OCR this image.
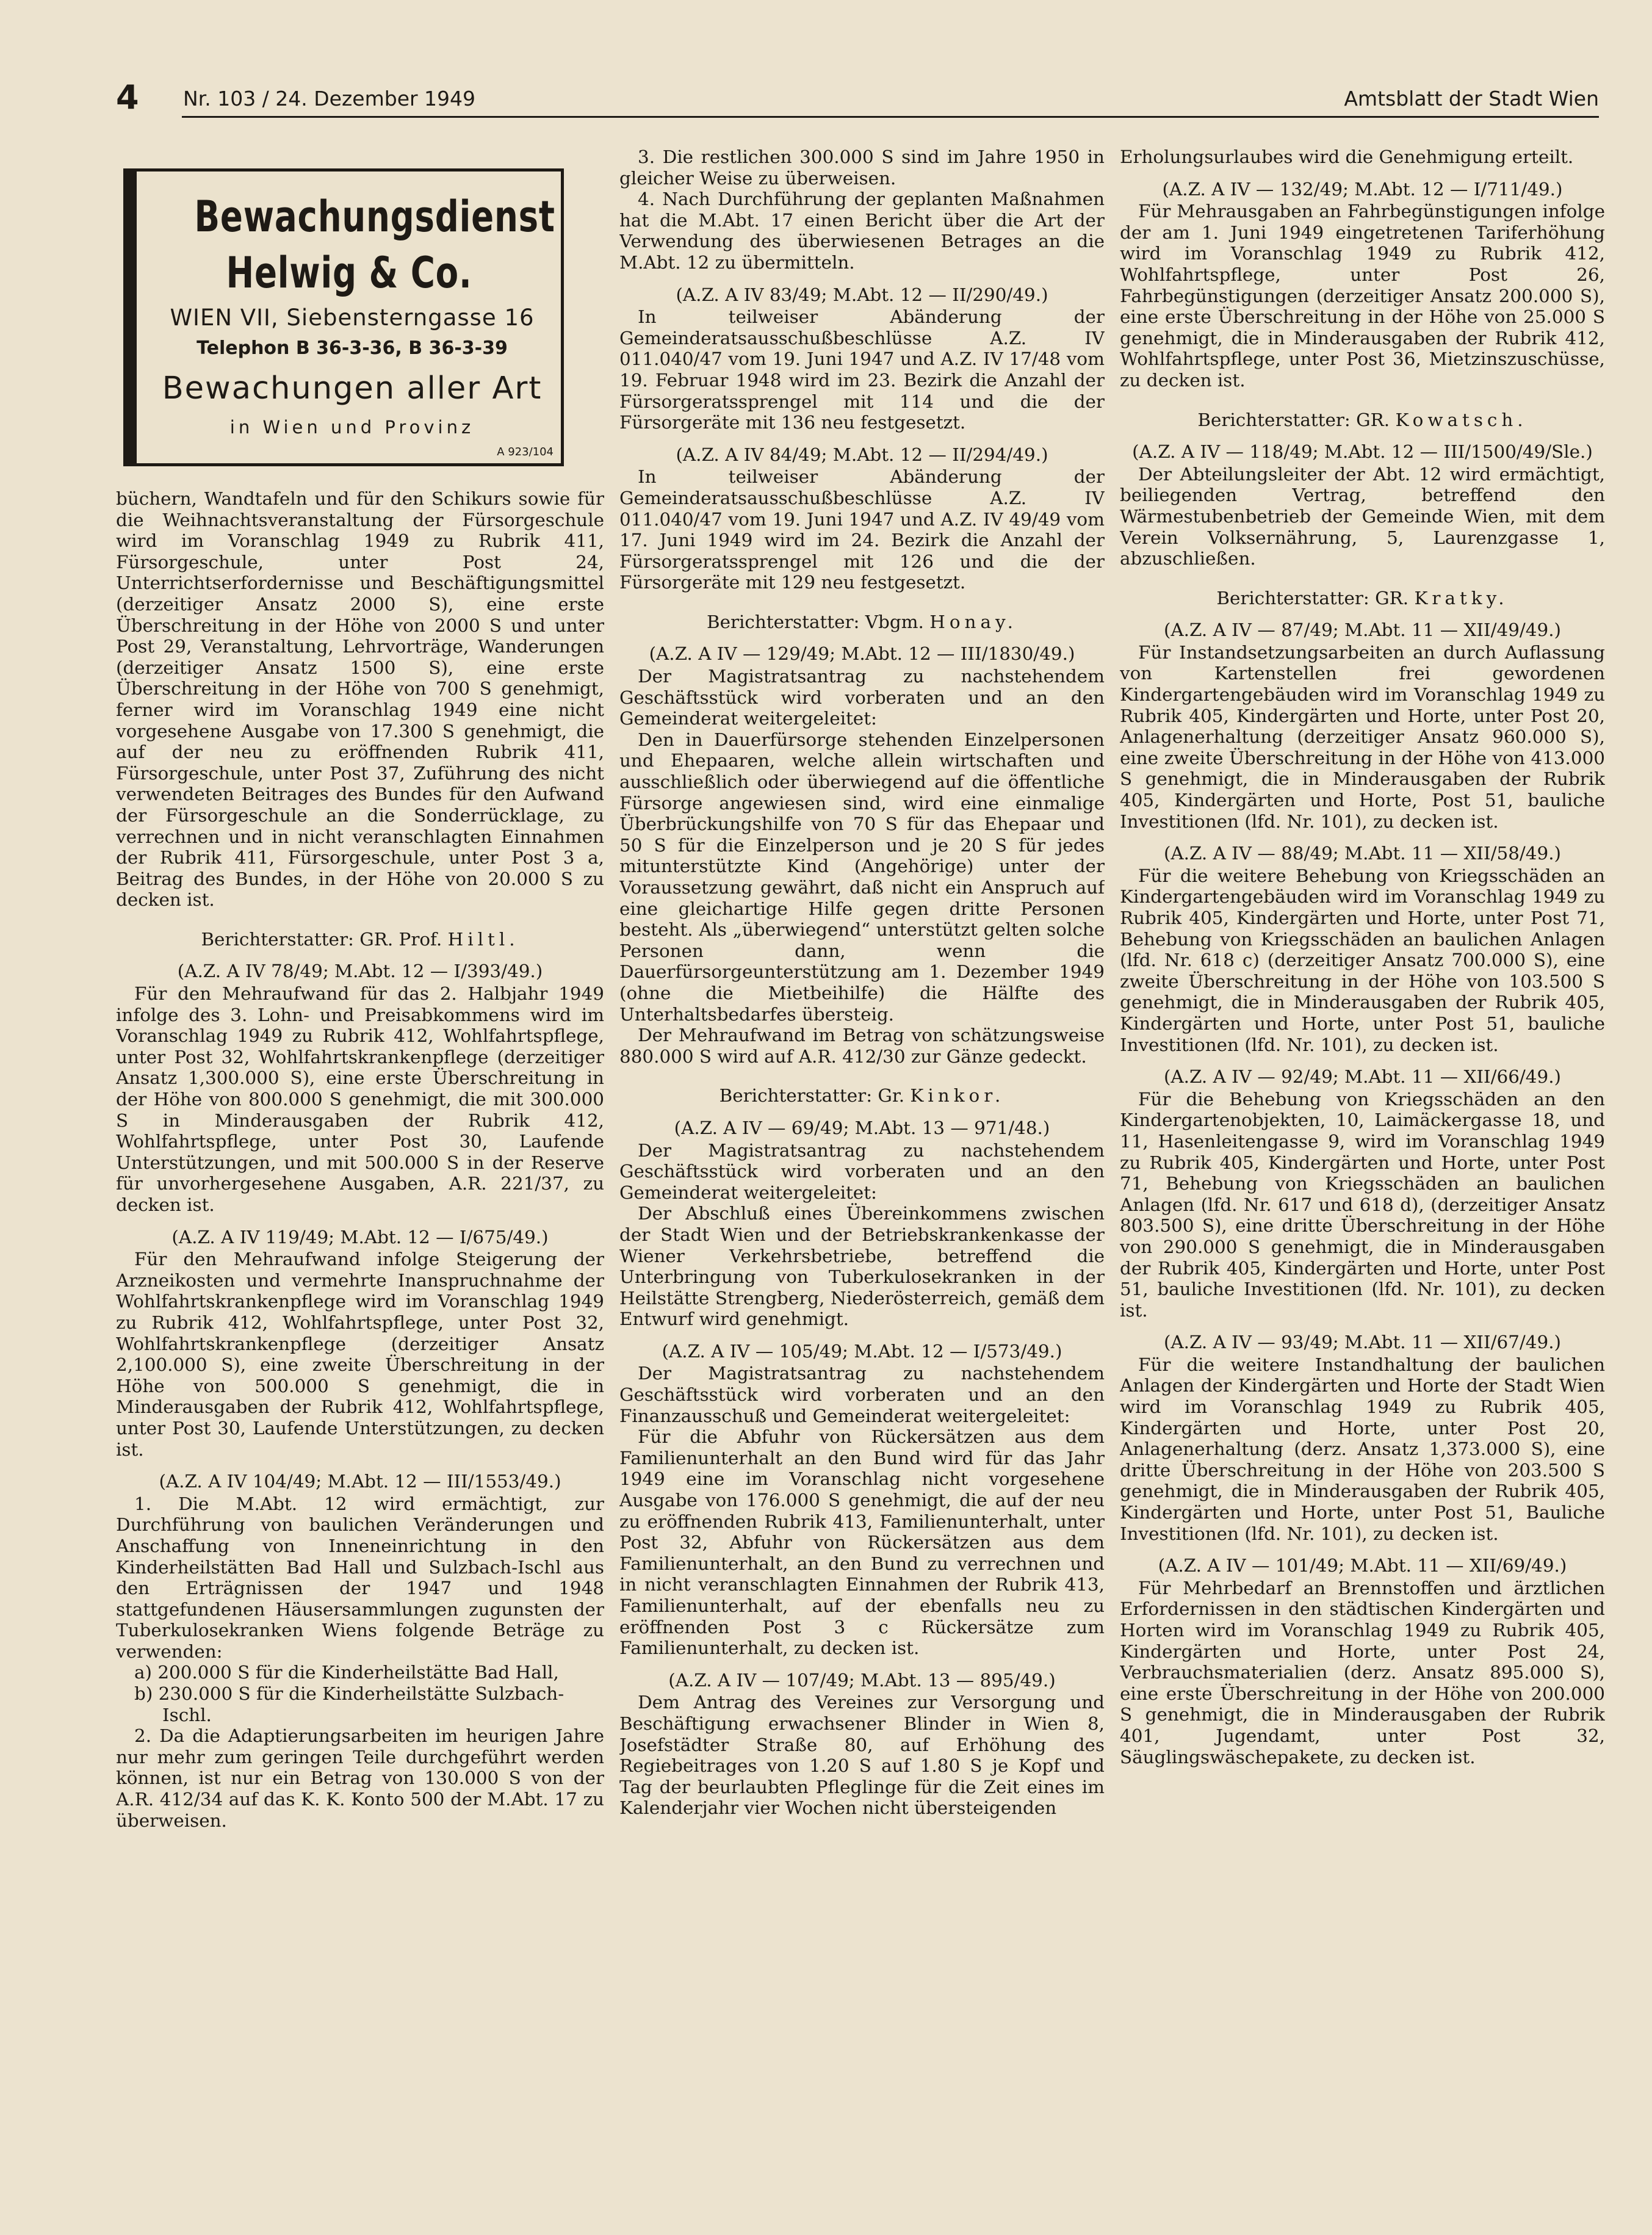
4 Nr. 103 / 24. Dezember 1949	Amtsblatt der Stadt Wien
Bewachungsdienst
Helwig & Co.
WIEN VII, Siebensterngasse 16
Telephon B 36-3-36, B 36-3-39
Bewachungen aller Art
in Wien und Provinz
A 923/104

büchern, Wandtafeln und für den Schikurs sowie für die Weihnachtsveranstaltung der Fürsorgeschule wird im Voranschlag 1949 zu Rubrik 411, Fürsorgeschule, unter Post 24, Unterrichtserfordernisse und Beschäftigungsmittel (derzeitiger Ansatz 2000 S), eine erste Überschreitung in der Höhe von 2000 S und unter Post 29, Veranstaltung, Lehrvorträge, Wanderungen (derzeitiger Ansatz 1500 S), eine erste Überschreitung in der Höhe von 700 S genehmigt, ferner wird im Voranschlag 1949 eine nicht vorgesehene Ausgabe von 17.300 S genehmigt, die auf der neu zu eröffnenden Rubrik 411, Fürsorgeschule, unter Post 37, Zuführung des nicht verwendeten Beitrages des Bundes für den Aufwand der Fürsorgeschule an die Sonderrücklage, zu verrechnen und in nicht veranschlagten Einnahmen der Rubrik 411, Fürsorgeschule, unter Post 3 a, Beitrag des Bundes, in der Höhe von 20.000 S zu decken ist.

Berichterstatter: GR. Prof. Hiltl.

(A.Z. A IV 78/49; M.Abt. 12 — I/393/49.)

Für den Mehraufwand für das 2. Halbjahr 1949 infolge des 3. Lohn- und Preisabkommens wird im Voranschlag 1949 zu Rubrik 412, Wohlfahrtspflege, unter Post 32, Wohlfahrtskrankenpflege (derzeitiger Ansatz 1,300.000 S), eine erste Überschreitung in der Höhe von 800.000 S genehmigt, die mit 300.000 S in Minderausgaben der Rubrik 412, Wohlfahrtspflege, unter Post 30, Laufende Unterstützungen, und mit 500.000 S in der Reserve für unvorhergesehene Ausgaben, A.R. 221/37, zu decken ist.

(A.Z. A IV 119/49; M.Abt. 12 — I/675/49.)

Für den Mehraufwand infolge Steigerung der Arzneikosten und vermehrte Inanspruchnahme der Wohlfahrtskrankenpflege wird im Voranschlag 1949 zu Rubrik 412, Wohlfahrtspflege, unter Post 32, Wohlfahrtskrankenpflege (derzeitiger Ansatz 2,100.000 S), eine zweite Überschreitung in der Höhe von 500.000 S genehmigt, die in Minderausgaben der Rubrik 412, Wohlfahrtspflege, unter Post 30, Laufende Unterstützungen, zu decken ist.

(A.Z. A IV 104/49; M.Abt. 12 — III/1553/49.)

1. Die M.Abt. 12 wird ermächtigt, zur Durchführung von baulichen Veränderungen und Anschaffung von Inneneinrichtung in den Kinderheilstätten Bad Hall und Sulzbach-Ischl aus den Erträgnissen der 1947 und 1948 stattgefundenen Häusersammlungen zugunsten der Tuberkulosekranken Wiens folgende Beträge zu verwenden:

a) 200.000 S für die Kinderheilstätte Bad Hall,

b) 230.000 S für die Kinderheilstätte Sulzbach-Ischl.

2. Da die Adaptierungsarbeiten im heurigen Jahre nur mehr zum geringen Teile durchgeführt werden können, ist nur ein Betrag von 130.000 S von der A.R. 412/34 auf das K. K. Konto 500 der M.Abt. 17 zu überweisen.

3. Die restlichen 300.000 S sind im Jahre 1950 in gleicher Weise zu überweisen.

4. Nach Durchführung der geplanten Maßnahmen hat die M.Abt. 17 einen Bericht über die Art der Verwendung des überwiesenen Betrages an die M.Abt. 12 zu übermitteln.

(A.Z. A IV 83/49; M.Abt. 12 — II/290/49.)

In teilweiser Abänderung der Gemeinderatsausschußbeschlüsse A.Z. IV 011.040/47 vom 19. Juni 1947 und A.Z. IV 17/48 vom 19. Februar 1948 wird im 23. Bezirk die Anzahl der Fürsorgeratssprengel mit 114 und die der Fürsorgeräte mit 136 neu festgesetzt.

(A.Z. A IV 84/49; M.Abt. 12 — II/294/49.)

In teilweiser Abänderung der Gemeinderatsausschußbeschlüsse A.Z. IV 011.040/47 vom 19. Juni 1947 und A.Z. IV 49/49 vom 17. Juni 1949 wird im 24. Bezirk die Anzahl der Fürsorgeratssprengel mit 126 und die der Fürsorgeräte mit 129 neu festgesetzt.

Berichterstatter: Vbgm. Honay.

(A.Z. A IV — 129/49; M.Abt. 12 — III/1830/49.)

Der Magistratsantrag zu nachstehendem Geschäftsstück wird vorberaten und an den Gemeinderat weitergeleitet:

Den in Dauerfürsorge stehenden Einzelpersonen und Ehepaaren, welche allein wirtschaften und ausschließlich oder überwiegend auf die öffentliche Fürsorge angewiesen sind, wird eine einmalige Überbrückungshilfe von 70 S für das Ehepaar und 50 S für die Einzelperson und je 20 S für jedes mitunterstützte Kind (Angehörige) unter der Voraussetzung gewährt, daß nicht ein Anspruch auf eine gleichartige Hilfe gegen dritte Personen besteht. Als „überwiegend“ unterstützt gelten solche Personen dann, wenn die Dauerfürsorgeunterstützung am 1. Dezember 1949 (ohne die Mietbeihilfe) die Hälfte des Unterhaltsbedarfes übersteig.

Der Mehraufwand im Betrag von schätzungsweise 880.000 S wird auf A.R. 412/30 zur Gänze gedeckt.

Berichterstatter: Gr. Kinkor.

(A.Z. A IV — 69/49; M.Abt. 13 — 971/48.)

Der Magistratsantrag zu nachstehendem Geschäftsstück wird vorberaten und an den Gemeinderat weitergeleitet:

Der Abschluß eines Übereinkommens zwischen der Stadt Wien und der Betriebskrankenkasse der Wiener Verkehrsbetriebe, betreffend die Unterbringung von Tuberkulosekranken in der Heilstätte Strengberg, Niederösterreich, gemäß dem Entwurf wird genehmigt.

(A.Z. A IV — 105/49; M.Abt. 12 — I/573/49.)

Der Magistratsantrag zu nachstehendem Geschäftsstück wird vorberaten und an den Finanzausschuß und Gemeinderat weitergeleitet:

Für die Abfuhr von Rückersätzen aus dem Familienunterhalt an den Bund wird für das Jahr 1949 eine im Voranschlag nicht vorgesehene Ausgabe von 176.000 S genehmigt, die auf der neu zu eröffnenden Rubrik 413, Familienunterhalt, unter Post 32, Abfuhr von Rückersätzen aus dem Familienunterhalt, an den Bund zu verrechnen und in nicht veranschlagten Einnahmen der Rubrik 413, Familienunterhalt, auf der ebenfalls neu zu eröffnenden Post 3 c Rückersätze zum Familienunterhalt, zu decken ist.

(A.Z. A IV — 107/49; M.Abt. 13 — 895/49.)

Dem Antrag des Vereines zur Versorgung und Beschäftigung erwachsener Blinder in Wien 8, Josefstädter Straße 80, auf Erhöhung des Regiebeitrages von 1.20 S auf 1.80 S je Kopf und Tag der beurlaubten Pfleglinge für die Zeit eines im Kalenderjahr vier Wochen nicht übersteigenden

Erholungsurlaubes wird die Genehmigung erteilt.

(A.Z. A IV — 132/49; M.Abt. 12 — I/711/49.)

Für Mehrausgaben an Fahrbegünstigungen infolge der am 1. Juni 1949 eingetretenen Tariferhöhung wird im Voranschlag 1949 zu Rubrik 412, Wohlfahrtspflege, unter Post 26, Fahrbegünstigungen (derzeitiger Ansatz 200.000 S), eine erste Überschreitung in der Höhe von 25.000 S genehmigt, die in Minderausgaben der Rubrik 412, Wohlfahrtspflege, unter Post 36, Mietzinszuschüsse, zu decken ist.

Berichterstatter: GR. Kowatsch.

(A.Z. A IV — 118/49; M.Abt. 12 — III/1500/49/Sle.)

Der Abteilungsleiter der Abt. 12 wird ermächtigt, beiliegenden Vertrag, betreffend den Wärmestubenbetrieb der Gemeinde Wien, mit dem Verein Volksernährung, 5, Laurenzgasse 1, abzuschließen.

Berichterstatter: GR. Kratky.

(A.Z. A IV — 87/49; M.Abt. 11 — XII/49/49.)

Für Instandsetzungsarbeiten an durch Auflassung von Kartenstellen frei gewordenen Kindergartengebäuden wird im Voranschlag 1949 zu Rubrik 405, Kindergärten und Horte, unter Post 20, Anlagenerhaltung (derzeitiger Ansatz 960.000 S), eine zweite Überschreitung in der Höhe von 413.000 S genehmigt, die in Minderausgaben der Rubrik 405, Kindergärten und Horte, Post 51, bauliche Investitionen (lfd. Nr. 101), zu decken ist.

(A.Z. A IV — 88/49; M.Abt. 11 — XII/58/49.)

Für die weitere Behebung von Kriegsschäden an Kindergartengebäuden wird im Voranschlag 1949 zu Rubrik 405, Kindergärten und Horte, unter Post 71, Behebung von Kriegsschäden an baulichen Anlagen (lfd. Nr. 618 c) (derzeitiger Ansatz 700.000 S), eine zweite Überschreitung in der Höhe von 103.500 S genehmigt, die in Minderausgaben der Rubrik 405, Kindergärten und Horte, unter Post 51, bauliche Investitionen (lfd. Nr. 101), zu decken ist.

(A.Z. A IV — 92/49; M.Abt. 11 — XII/66/49.)

Für die Behebung von Kriegsschäden an den Kindergartenobjekten, 10, Laimäckergasse 18, und 11, Hasenleitengasse 9, wird im Voranschlag 1949 zu Rubrik 405, Kindergärten und Horte, unter Post 71, Behebung von Kriegsschäden an baulichen Anlagen (lfd. Nr. 617 und 618 d), (derzeitiger Ansatz 803.500 S), eine dritte Überschreitung in der Höhe von 290.000 S genehmigt, die in Minderausgaben der Rubrik 405, Kindergärten und Horte, unter Post 51, bauliche Investitionen (lfd. Nr. 101), zu decken ist.

(A.Z. A IV — 93/49; M.Abt. 11 — XII/67/49.)

Für die weitere Instandhaltung der baulichen Anlagen der Kindergärten und Horte der Stadt Wien wird im Voranschlag 1949 zu Rubrik 405, Kindergärten und Horte, unter Post 20, Anlagenerhaltung (derz. Ansatz 1,373.000 S), eine dritte Überschreitung in der Höhe von 203.500 S genehmigt, die in Minderausgaben der Rubrik 405, Kindergärten und Horte, unter Post 51, Bauliche Investitionen (lfd. Nr. 101), zu decken ist.

(A.Z. A IV — 101/49; M.Abt. 11 — XII/69/49.)

Für Mehrbedarf an Brennstoffen und ärztlichen Erfordernissen in den städtischen Kindergärten und Horten wird im Voranschlag 1949 zu Rubrik 405, Kindergärten und Horte, unter Post 24, Verbrauchsmaterialien (derz. Ansatz 895.000 S), eine erste Überschreitung in der Höhe von 200.000 S genehmigt, die in Minderausgaben der Rubrik 401, Jugendamt, unter Post 32, Säuglingswäschepakete, zu decken ist.
